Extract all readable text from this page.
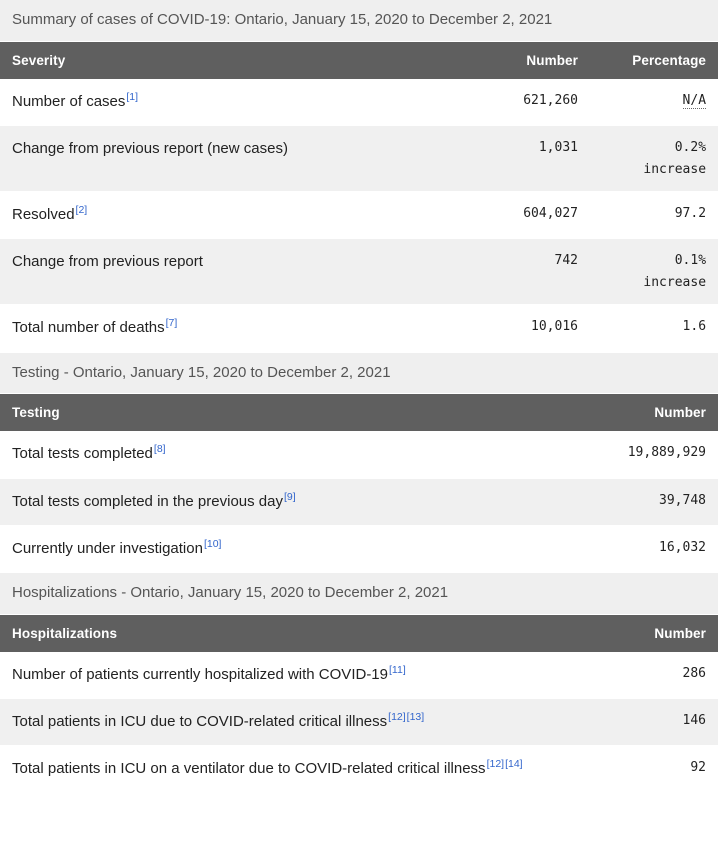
Summary of cases of COVID-19: Ontario, January 15, 2020 to December 2, 2021		
Severity	Number	Percentage
Number of cases[1]	621,260	N/A
Change from previous report (new cases)	1,031	0.2%
increase

Resolved[2]	604,027	97.2
Change from previous report	742	0.1%
increase

Total number of deaths[7]	10,016	1.6
Testing - Ontario, January 15, 2020 to December 2, 2021	
Testing	Number
Total tests completed[8]	19,889,929
Total tests completed in the previous day[9]	39,748
Currently under investigation[10]	16,032
Hospitalizations - Ontario, January 15, 2020 to December 2, 2021	
Hospitalizations	Number
Number of patients currently hospitalized with COVID-19[11]	286
Total patients in ICU due to COVID-related critical illness[12][13]	146
Total patients in ICU on a ventilator due to COVID-related critical illness[12][14]	92
